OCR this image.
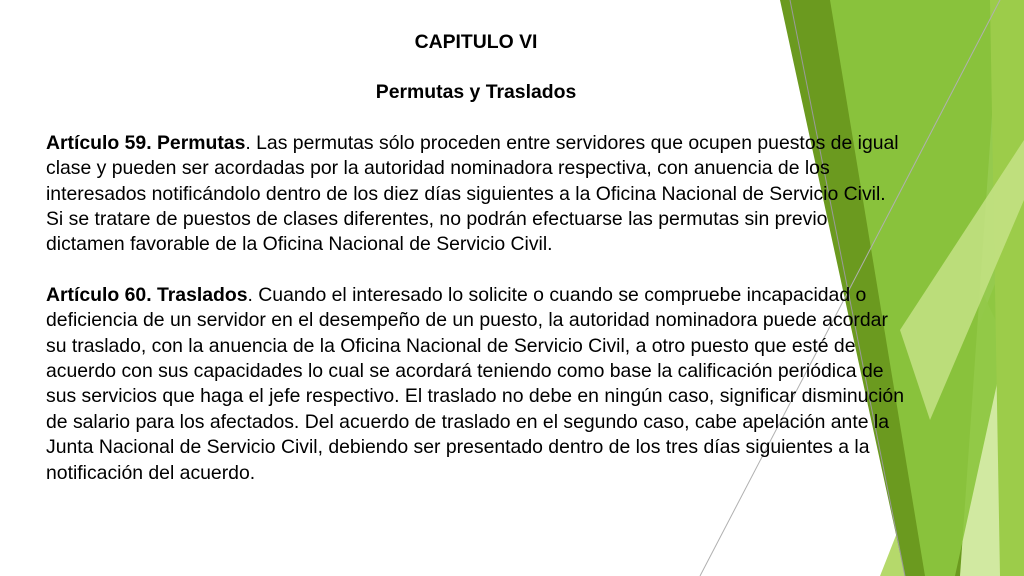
CAPITULO VI

Permutas y Traslados

Artículo 59. Permutas. Las permutas sólo proceden entre servidores que ocupen puestos de igual clase y pueden ser acordadas por la autoridad nominadora respectiva, con anuencia de los interesados notificándolo dentro de los diez días siguientes a la Oficina Nacional de Servicio Civil. Si se tratare de puestos de clases diferentes, no podrán efectuarse las permutas sin previo dictamen favorable de la Oficina Nacional de Servicio Civil.

Artículo 60. Traslados. Cuando el interesado lo solicite o cuando se compruebe incapacidad o deficiencia de un servidor en el desempeño de un puesto, la autoridad nominadora puede acordar su traslado, con la anuencia de la Oficina Nacional de Servicio Civil, a otro puesto que esté de acuerdo con sus capacidades lo cual se acordará teniendo como base la calificación periódica de sus servicios que haga el jefe respectivo. El traslado no debe en ningún caso, significar disminución de salario para los afectados. Del acuerdo de traslado en el segundo caso, cabe apelación ante la Junta Nacional de Servicio Civil, debiendo ser presentado dentro de los tres días siguientes a la notificación del acuerdo.
